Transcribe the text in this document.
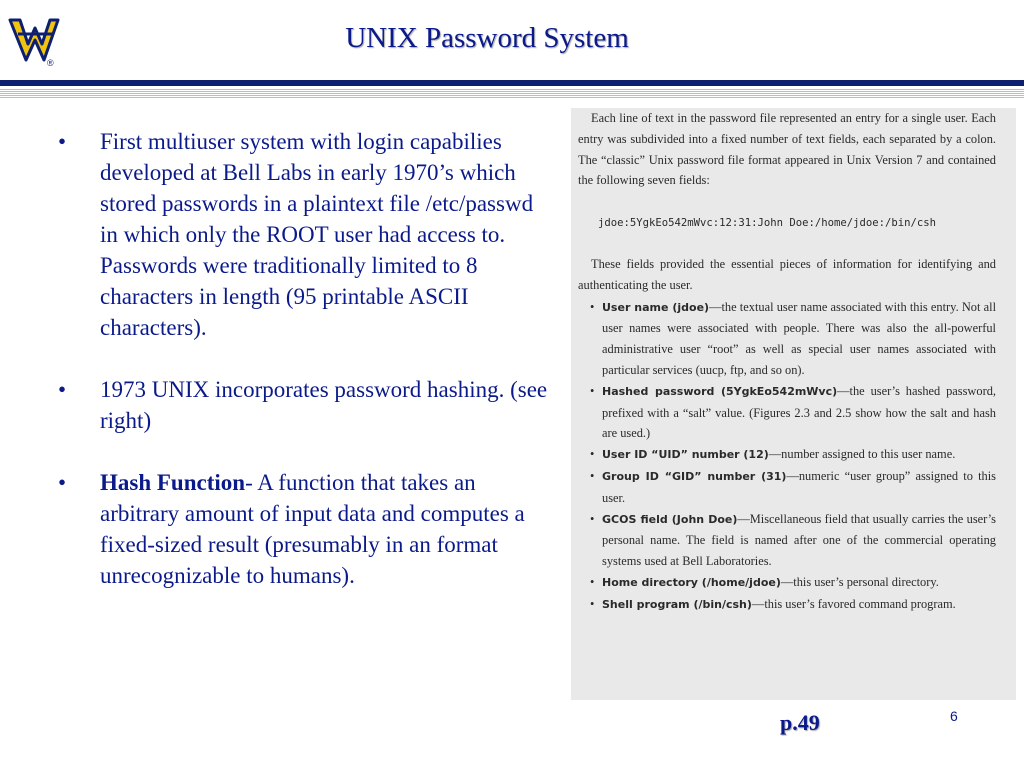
®
UNIX Password System
• First multiuser system with login capabilies developed at Bell Labs in early 1970’s which stored passwords in a plaintext file /etc/passwd in which only the ROOT user had access to. Passwords were traditionally limited to 8 characters in length (95 printable ASCII characters).
• 1973 UNIX incorporates password hashing. (see right)
• Hash Function- A function that takes an arbitrary amount of input data and computes a fixed-sized result (presumably in an format unrecognizable to humans).

Each line of text in the password file represented an entry for a single user. Each entry was subdivided into a fixed number of text fields, each separated by a colon. The “classic” Unix password file format appeared in Unix Version 7 and contained the following seven fields:

jdoe:5YgkEo542mWvc:12:31:John Doe:/home/jdoe:/bin/csh

These fields provided the essential pieces of information for identifying and authenticating the user.

• User name (jdoe)—the textual user name associated with this entry. Not all user names were associated with people. There was also the all-powerful administrative user “root” as well as special user names associated with particular services (uucp, ftp, and so on).
• Hashed password (5YgkEo542mWvc)—the user’s hashed password, prefixed with a “salt” value. (Figures 2.3 and 2.5 show how the salt and hash are used.)
• User ID “UID” number (12)—number assigned to this user name.
• Group ID “GID” number (31)—numeric “user group” assigned to this user.
• GCOS field (John Doe)—Miscellaneous field that usually carries the user’s personal name. The field is named after one of the commercial operating systems used at Bell Laboratories.
• Home directory (/home/jdoe)—this user’s personal directory.
• Shell program (/bin/csh)—this user’s favored command program.
p.49	6
